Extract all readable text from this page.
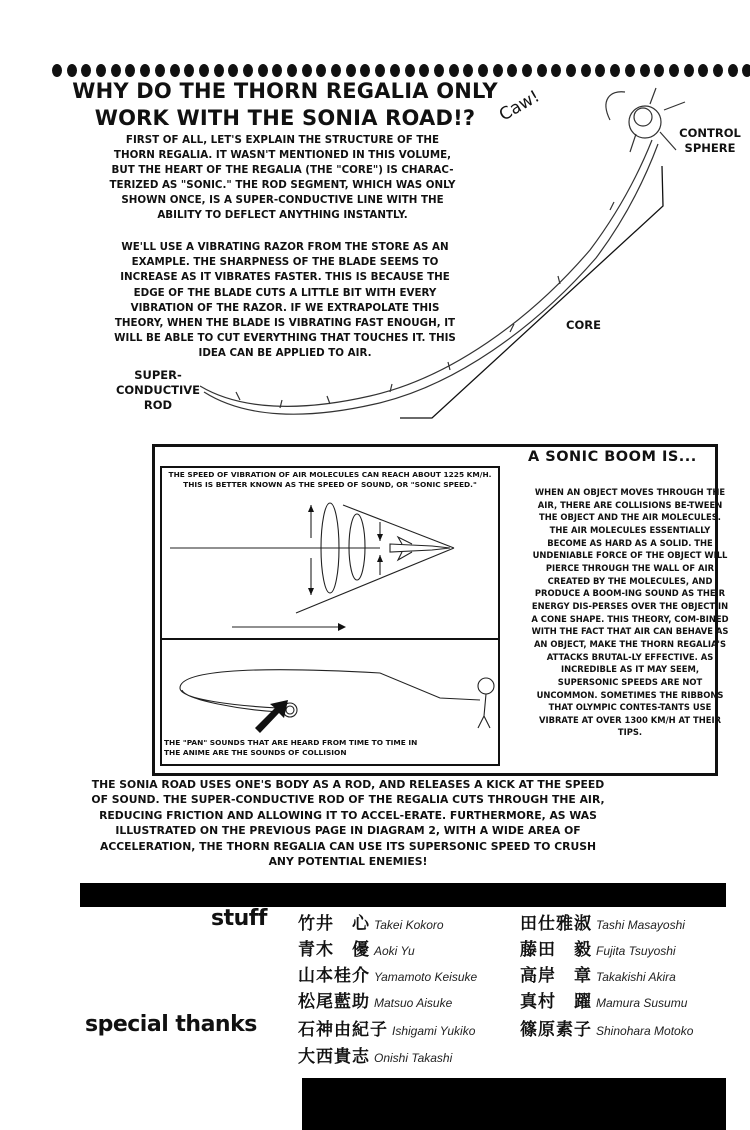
WHY DO THE THORN REGALIA ONLY
WORK WITH THE SONIA ROAD!?
FIRST OF ALL, LET'S EXPLAIN THE STRUCTURE OF THE THORN REGALIA. IT WASN'T MENTIONED IN THIS VOLUME, BUT THE HEART OF THE REGALIA (THE "CORE") IS CHARAC-TERIZED AS "SONIC." THE ROD SEGMENT, WHICH WAS ONLY SHOWN ONCE, IS A SUPER-CONDUCTIVE LINE WITH THE ABILITY TO DEFLECT ANYTHING INSTANTLY.
WE'LL USE A VIBRATING RAZOR FROM THE STORE AS AN EXAMPLE. THE SHARPNESS OF THE BLADE SEEMS TO INCREASE AS IT VIBRATES FASTER. THIS IS BECAUSE THE EDGE OF THE BLADE CUTS A LITTLE BIT WITH EVERY VIBRATION OF THE RAZOR. IF WE EXTRAPOLATE THIS THEORY, WHEN THE BLADE IS VIBRATING FAST ENOUGH, IT WILL BE ABLE TO CUT EVERYTHING THAT TOUCHES IT. THIS IDEA CAN BE APPLIED TO AIR.
Caw!
CONTROL
SPHERE
CORE
SUPER-
CONDUCTIVE
ROD
THE SPEED OF VIBRATION OF AIR MOLECULES CAN REACH ABOUT 1225 KM/H. THIS IS BETTER KNOWN AS THE SPEED OF SOUND, OR "SONIC SPEED."
THE "PAN" SOUNDS THAT ARE HEARD FROM TIME TO TIME IN THE ANIME ARE THE SOUNDS OF COLLISION
A SONIC BOOM IS...
WHEN AN OBJECT MOVES THROUGH THE AIR, THERE ARE COLLISIONS BE-TWEEN THE OBJECT AND THE AIR MOLECULES. THE AIR MOLECULES ESSENTIALLY BECOME AS HARD AS A SOLID. THE UNDENIABLE FORCE OF THE OBJECT WILL PIERCE THROUGH THE WALL OF AIR CREATED BY THE MOLECULES, AND PRODUCE A BOOM-ING SOUND AS THEIR ENERGY DIS-PERSES OVER THE OBJECT IN A CONE SHAPE. THIS THEORY, COM-BINED WITH THE FACT THAT AIR CAN BEHAVE AS AN OBJECT, MAKE THE THORN REGALIA'S ATTACKS BRUTAL-LY EFFECTIVE. AS INCREDIBLE AS IT MAY SEEM, SUPERSONIC SPEEDS ARE NOT UNCOMMON. SOMETIMES THE RIBBONS THAT OLYMPIC CONTES-TANTS USE VIBRATE AT OVER 1300 KM/H AT THEIR TIPS.
THE SONIA ROAD USES ONE'S BODY AS A ROD, AND RELEASES A KICK AT THE SPEED OF SOUND. THE SUPER-CONDUCTIVE ROD OF THE REGALIA CUTS THROUGH THE AIR, REDUCING FRICTION AND ALLOWING IT TO ACCEL-ERATE. FURTHERMORE, AS WAS ILLUSTRATED ON THE PREVIOUS PAGE IN DIAGRAM 2, WITH A WIDE AREA OF ACCELERATION, THE THORN REGALIA CAN USE ITS SUPERSONIC SPEED TO CRUSH ANY POTENTIAL ENEMIES!
stuff
special thanks
竹井　心 Takei Kokoro	田仕雅淑 Tashi Masayoshi
青木　優 Aoki Yu	藤田　毅 Fujita Tsuyoshi
山本桂介 Yamamoto Keisuke	高岸　章 Takakishi Akira
松尾藍助 Matsuo Aisuke	真村　躍 Mamura Susumu
石神由紀子 Ishigami Yukiko	篠原素子 Shinohara Motoko
大西貴志 Onishi Takashi
